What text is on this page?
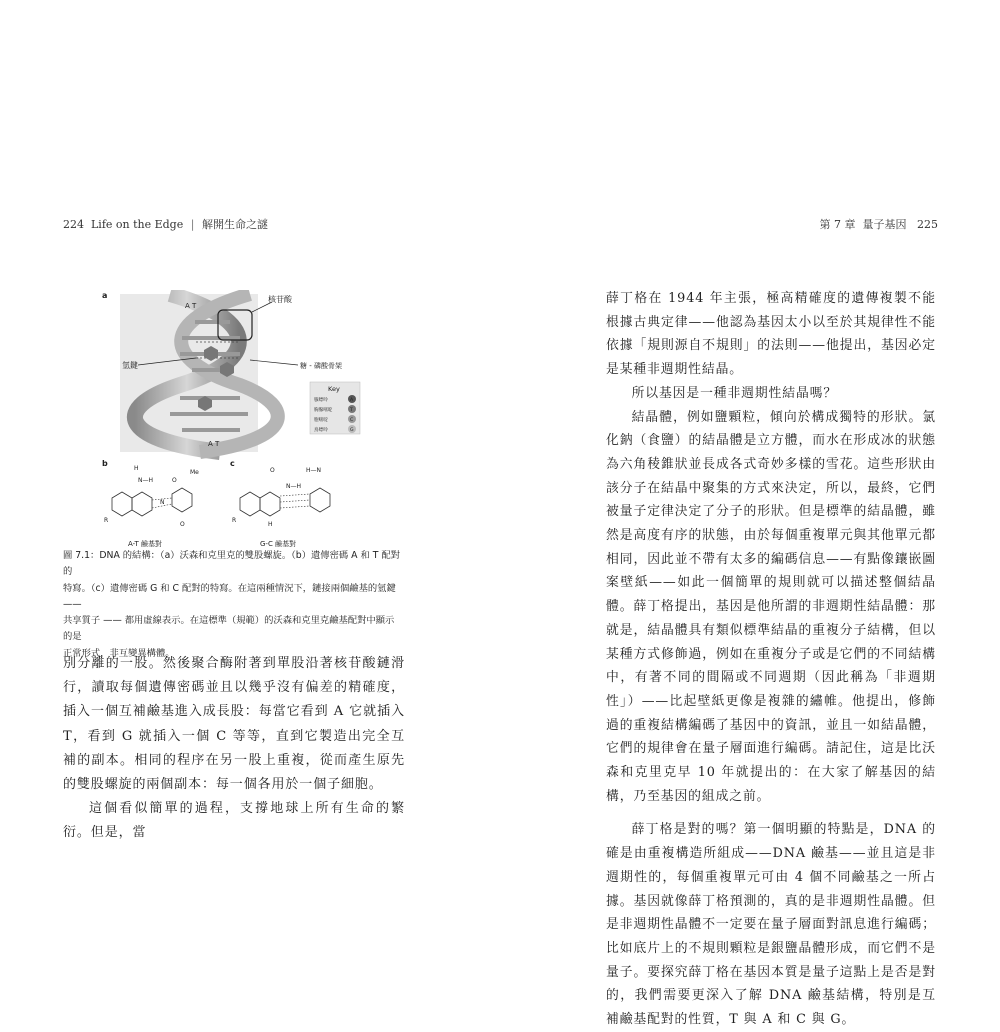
224 Life on the Edge | 解開生命之謎	第 7 章 量子基因 225
a
A T
A T
核苷酸
氫鍵	糖 - 磷酸骨架
Key
腺嘌呤	A
胸腺嘧啶	T
胞嘧啶	C
鳥嘌呤	G
b
H
N—H	O
Me
N
R
O
A-T 鹼基對
c
O	H—N
N—H
R
H
G-C 鹼基對

圖 7.1：DNA 的結構：（a）沃森和克里克的雙股螺旋。（b）遺傳密碼 A 和 T 配對的

特寫。（c）遺傳密碼 G 和 C 配對的特寫。在這兩種情況下，鏈接兩個鹼基的氫鍵 ——

共享質子 —— 都用虛線表示。在這標準（規範）的沃森和克里克鹼基配對中顯示的是

正常形式，非互變異構體。

別分離的一股。然後聚合酶附著到單股沿著核苷酸鏈滑行，讀取每個遺傳密碼並且以幾乎沒有偏差的精確度，插入一個互補鹼基進入成長股：每當它看到 A 它就插入 T，看到 G 就插入一個 C 等等，直到它製造出完全互補的副本。相同的程序在另一股上重複，從而產生原先的雙股螺旋的兩個副本：每一個各用於一個子細胞。

這個看似簡單的過程，支撐地球上所有生命的繁衍。但是，當

薛丁格在 1944 年主張，極高精確度的遺傳複製不能根據古典定律——他認為基因太小以至於其規律性不能依據「規則源自不規則」的法則——他提出，基因必定是某種非週期性結晶。

所以基因是一種非週期性結晶嗎？

結晶體，例如鹽顆粒，傾向於構成獨特的形狀。氯化鈉（食鹽）的結晶體是立方體，而水在形成冰的狀態為六角稜錐狀並長成各式奇妙多樣的雪花。這些形狀由該分子在結晶中聚集的方式來決定，所以，最終，它們被量子定律決定了分子的形狀。但是標準的結晶體，雖然是高度有序的狀態，由於每個重複單元與其他單元都相同，因此並不帶有太多的編碼信息——有點像鑲嵌圖案壁紙——如此一個簡單的規則就可以描述整個結晶體。薛丁格提出，基因是他所謂的非週期性結晶體：那就是，結晶體具有類似標準結晶的重複分子結構，但以某種方式修飾過，例如在重複分子或是它們的不同結構中，有著不同的間隔或不同週期（因此稱為「非週期性」）——比起壁紙更像是複雜的繡帷。他提出，修飾過的重複結構編碼了基因中的資訊，並且一如結晶體，它們的規律會在量子層面進行編碼。請記住，這是比沃森和克里克早 10 年就提出的：在大家了解基因的結構，乃至基因的組成之前。

薛丁格是對的嗎？第一個明顯的特點是，DNA 的確是由重複構造所組成——DNA 鹼基——並且這是非週期性的，每個重複單元可由 4 個不同鹼基之一所占據。基因就像薛丁格預測的，真的是非週期性晶體。但是非週期性晶體不一定要在量子層面對訊息進行編碼；比如底片上的不規則顆粒是銀鹽晶體形成，而它們不是量子。要探究薛丁格在基因本質是量子這點上是否是對的，我們需要更深入了解 DNA 鹼基結構，特別是互補鹼基配對的性質，T 與 A 和 C 與 G。
